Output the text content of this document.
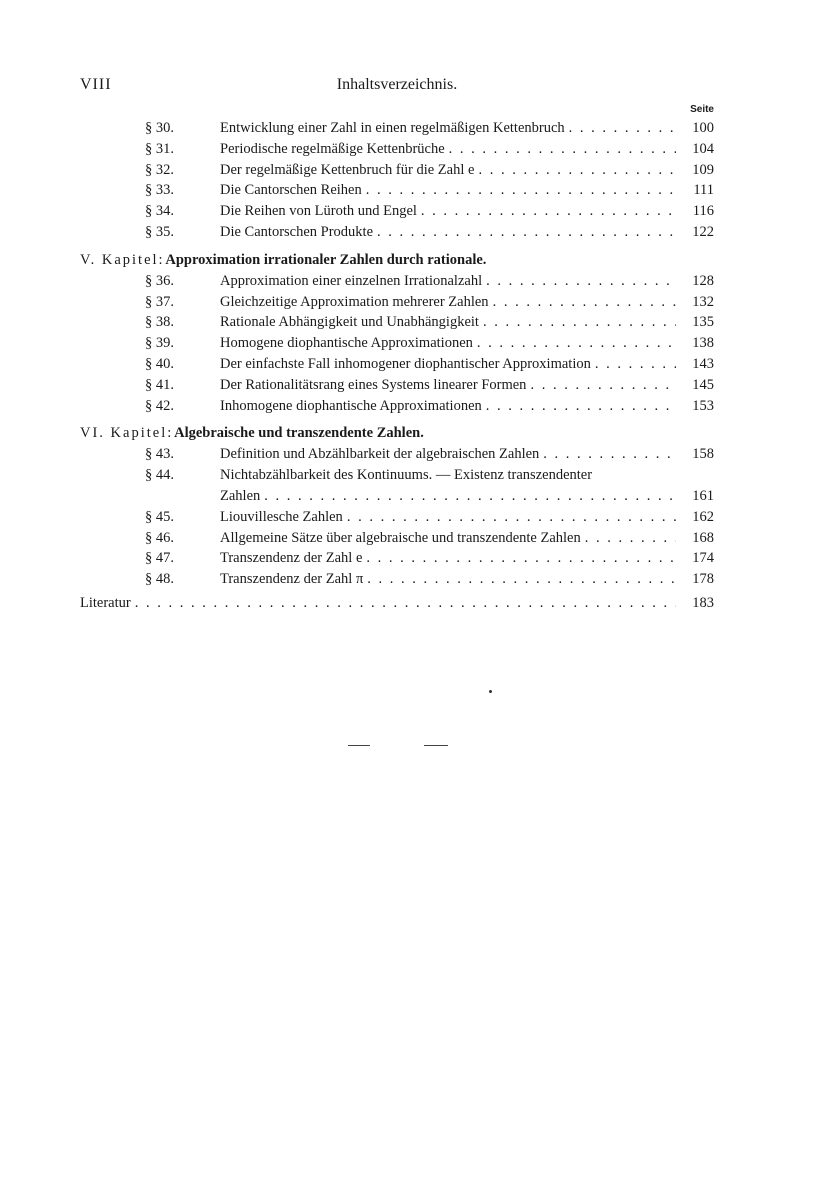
VIII	Inhaltsverzeichnis.
Seite
§ 30.	Entwicklung einer Zahl in einen regelmäßigen Kettenbruch . . .	100
§ 31.	Periodische regelmäßige Kettenbrüche . . .	104
§ 32.	Der regelmäßige Kettenbruch für die Zahl e . . .	109
§ 33.	Die Cantorschen Reihen . . .	111
§ 34.	Die Reihen von Lüroth und Engel . . .	116
§ 35.	Die Cantorschen Produkte . . .	122
V. Kapitel: Approximation irrationaler Zahlen durch rationale.
§ 36.	Approximation einer einzelnen Irrationalzahl . . .	128
§ 37.	Gleichzeitige Approximation mehrerer Zahlen . . .	132
§ 38.	Rationale Abhängigkeit und Unabhängigkeit . . .	135
§ 39.	Homogene diophantische Approximationen . . .	138
§ 40.	Der einfachste Fall inhomogener diophantischer Approximation . . .	143
§ 41.	Der Rationalitätsrang eines Systems linearer Formen . . .	145
§ 42.	Inhomogene diophantische Approximationen . . .	153
VI. Kapitel: Algebraische und transzendente Zahlen.
§ 43.	Definition und Abzählbarkeit der algebraischen Zahlen . . .	158
§ 44.	Nichtabzählbarkeit des Kontinuums. — Existenz transzendenter
Zahlen . . .	161
§ 45.	Liouvillesche Zahlen . . .	162
§ 46.	Allgemeine Sätze über algebraische und transzendente Zahlen . . .	168
§ 47.	Transzendenz der Zahl e . . .	174
§ 48.	Transzendenz der Zahl π . . .	178
Literatur . . .	183
